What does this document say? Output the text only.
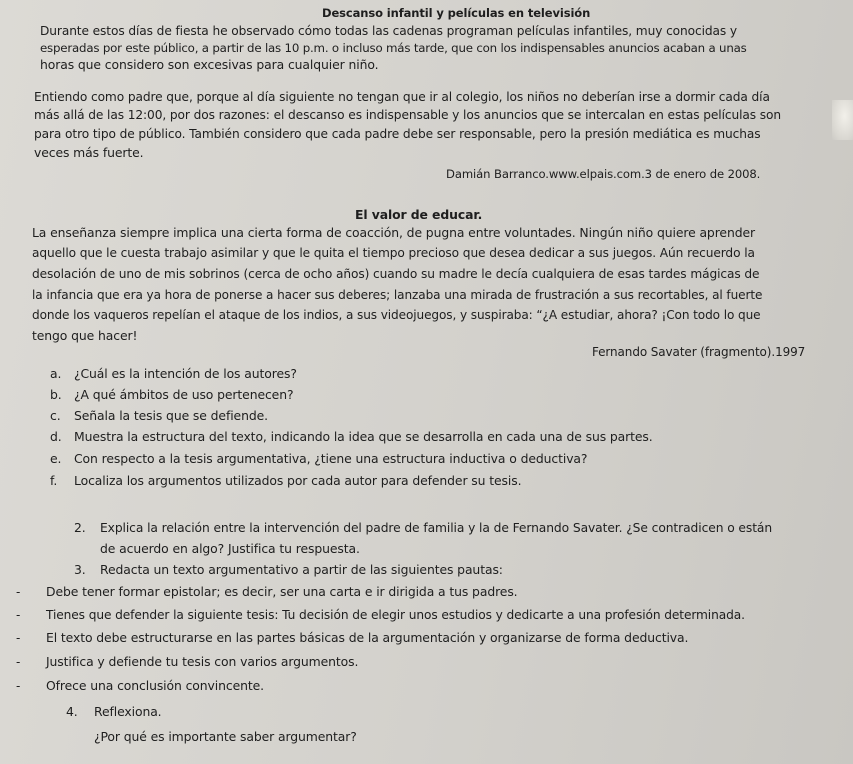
Descanso infantil y películas en televisión
Durante estos días de fiesta he observado cómo todas las cadenas programan películas infantiles, muy conocidas y
esperadas por este público, a partir de las 10 p.m. o incluso más tarde, que con los indispensables anuncios acaban a unas
horas que considero son excesivas para cualquier niño.
Entiendo como padre que, porque al día siguiente no tengan que ir al colegio, los niños no deberían irse a dormir cada día
más allá de las 12:00, por dos razones: el descanso es indispensable y los anuncios que se intercalan en estas películas son
para otro tipo de público. También considero que cada padre debe ser responsable, pero la presión mediática es muchas
veces más fuerte.
Damián Barranco.www.elpais.com.3 de enero de 2008.
El valor de educar.
La enseñanza siempre implica una cierta forma de coacción, de pugna entre voluntades. Ningún niño quiere aprender
aquello que le cuesta trabajo asimilar y que le quita el tiempo precioso que desea dedicar a sus juegos. Aún recuerdo la
desolación de uno de mis sobrinos (cerca de ocho años) cuando su madre le decía cualquiera de esas tardes mágicas de
la infancia que era ya hora de ponerse a hacer sus deberes; lanzaba una mirada de frustración a sus recortables, al fuerte
donde los vaqueros repelían el ataque de los indios, a sus videojuegos, y suspiraba: “¿A estudiar, ahora? ¡Con todo lo que
tengo que hacer!
Fernando Savater (fragmento).1997
a. ¿Cuál es la intención de los autores?
b. ¿A qué ámbitos de uso pertenecen?
c. Señala la tesis que se defiende.
d. Muestra la estructura del texto, indicando la idea que se desarrolla en cada una de sus partes.
e. Con respecto a la tesis argumentativa, ¿tiene una estructura inductiva o deductiva?
f. Localiza los argumentos utilizados por cada autor para defender su tesis.
2. Explica la relación entre la intervención del padre de familia y la de Fernando Savater. ¿Se contradicen o están
de acuerdo en algo? Justifica tu respuesta.
3. Redacta un texto argumentativo a partir de las siguientes pautas:
- Debe tener formar epistolar; es decir, ser una carta e ir dirigida a tus padres.
- Tienes que defender la siguiente tesis: Tu decisión de elegir unos estudios y dedicarte a una profesión determinada.
- El texto debe estructurarse en las partes básicas de la argumentación y organizarse de forma deductiva.
- Justifica y defiende tu tesis con varios argumentos.
- Ofrece una conclusión convincente.
4. Reflexiona.
¿Por qué es importante saber argumentar?
